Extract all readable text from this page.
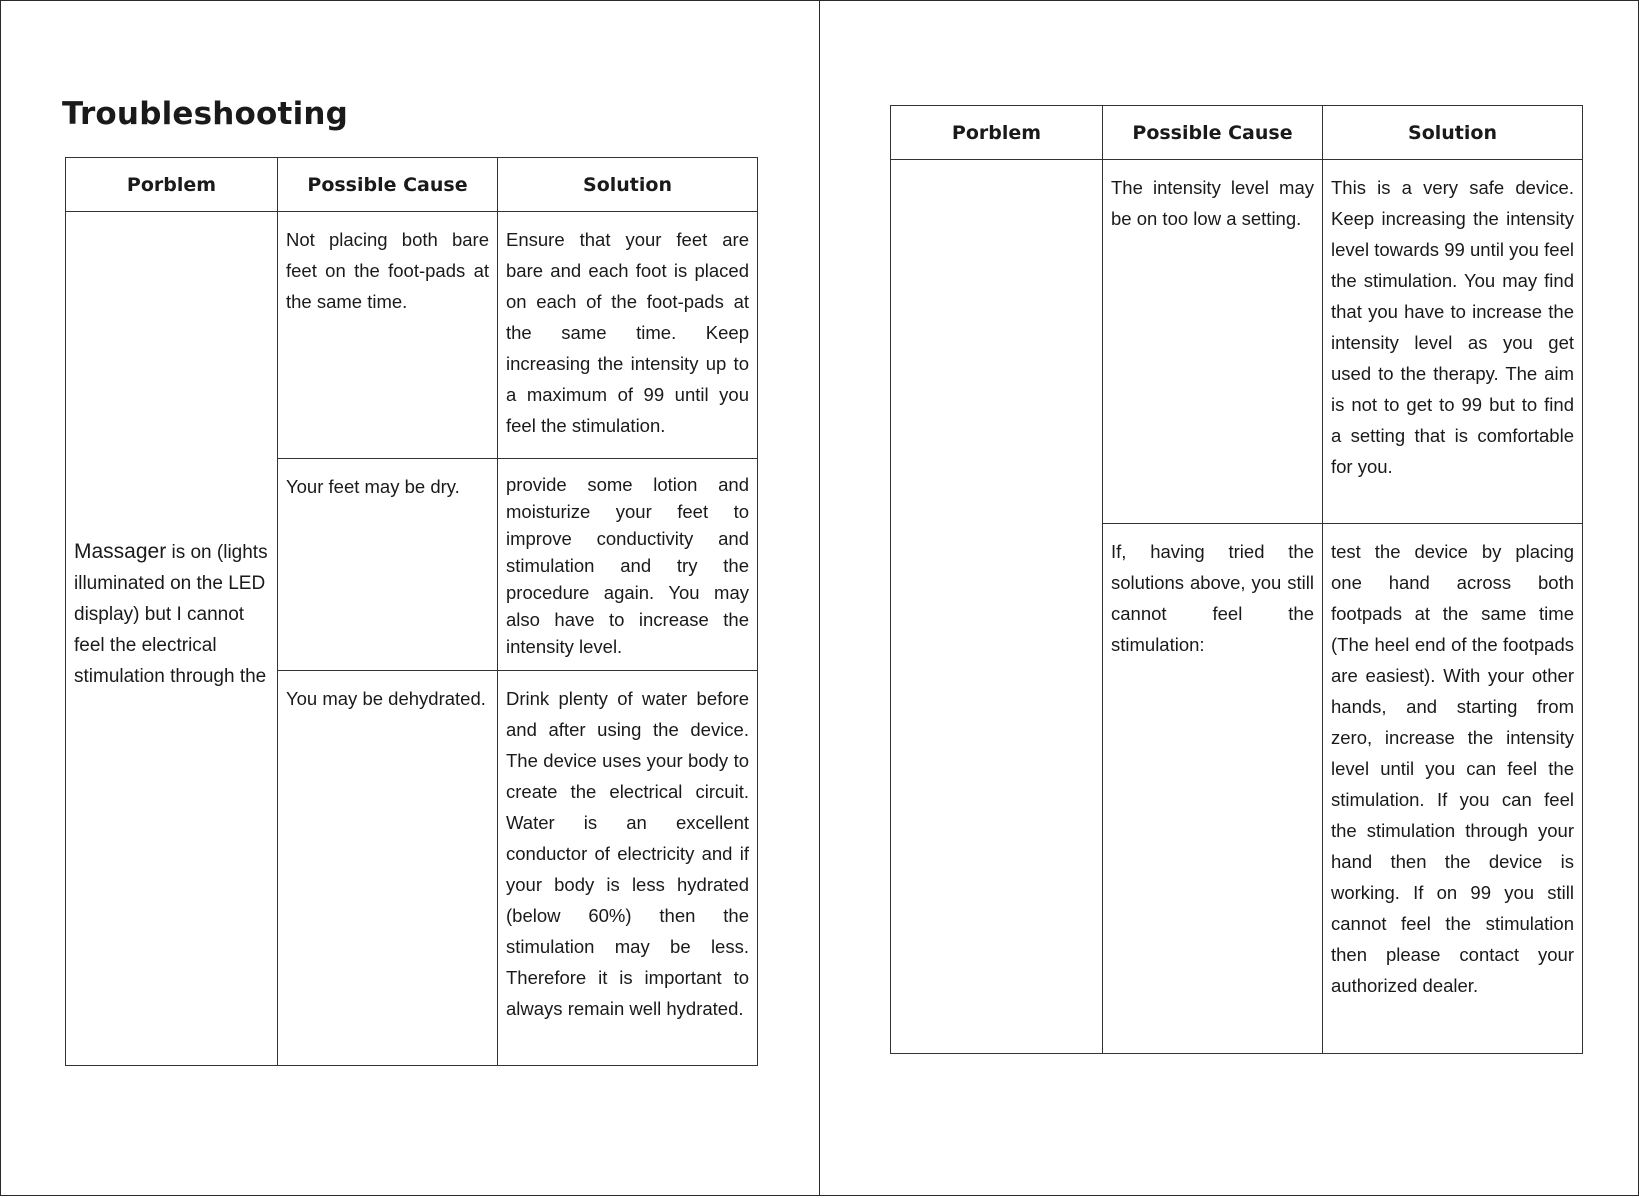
Troubleshooting
Porblem	Possible Cause	Solution

Massager is on (lights illuminated on the LED display) but I cannot feel the electrical stimulation through the	Not placing both bare feet on the foot-pads at the same time.	Ensure that your feet are bare and each foot is placed on each of the foot-pads at the same time. Keep increasing the intensity up to a maximum of 99 until you feel the stimulation.
	Your feet may be dry.	provide some lotion and moisturize your feet to improve conductivity and stimulation and try the procedure again. You may also have to increase the intensity level.
	You may be dehydrated.	Drink plenty of water before and after using the device. The device uses your body to create the electrical circuit. Water is an excellent conductor of electricity and if your body is less hydrated (below 60%) then the stimulation may be less. Therefore it is important to always remain well hydrated.
Porblem	Possible Cause	Solution
	The intensity level may be on too low a setting.	This is a very safe device. Keep increasing the intensity level towards 99 until you feel the stimulation. You may find that you have to increase the intensity level as you get used to the therapy. The aim is not to get to 99 but to find a setting that is comfortable for you.
	If, having tried the solutions above, you still cannot feel the stimulation:	test the device by placing one hand across both footpads at the same time (The heel end of the footpads are easiest). With your other hands, and starting from zero, increase the intensity level until you can feel the stimulation. If you can feel the stimulation through your hand then the device is working. If on 99 you still cannot feel the stimulation then please contact your authorized dealer.
